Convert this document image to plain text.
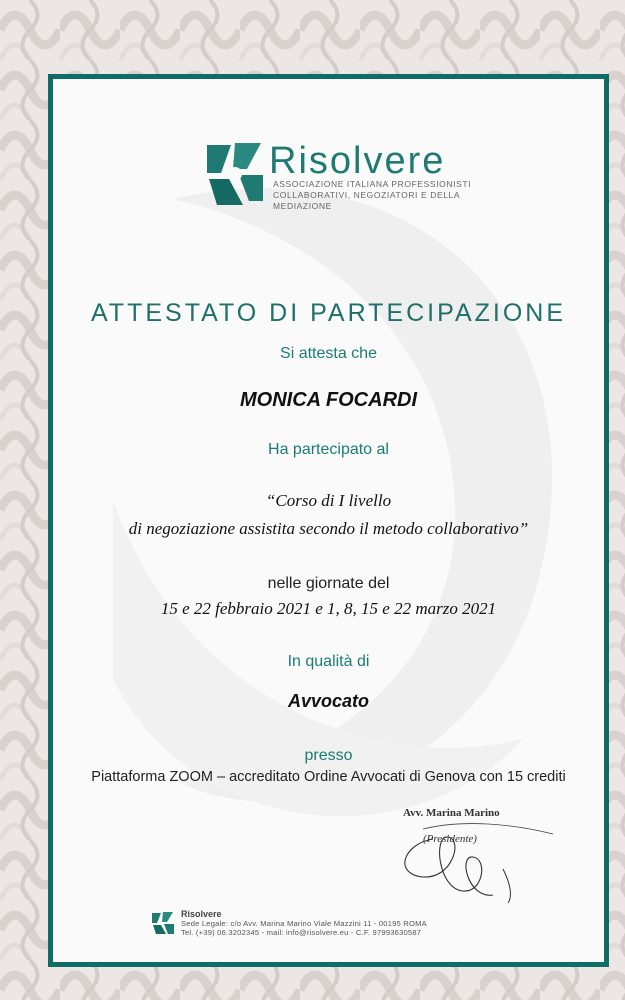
Risolvere
ASSOCIAZIONE ITALIANA PROFESSIONISTI COLLABORATIVI, NEGOZIATORI E DELLA MEDIAZIONE
ATTESTATO DI PARTECIPAZIONE
Si attesta che
MONICA FOCARDI
Ha partecipato al
“Corso di I livello
di negoziazione assistita secondo il metodo collaborativo”
nelle giornate del
15 e 22 febbraio 2021 e 1, 8, 15 e 22 marzo 2021
In qualità di
Avvocato
presso
Piattaforma ZOOM – accreditato Ordine Avvocati di Genova con 15 crediti
Avv. Marina Marino
(Presidente)
Risolvere
Sede Legale: c/o Avv. Marina Marino Viale Mazzini 11 - 00195 ROMA
Tel. (+39) 06.3202345 - mail: info@risolvere.eu - C.F. 97993630587
